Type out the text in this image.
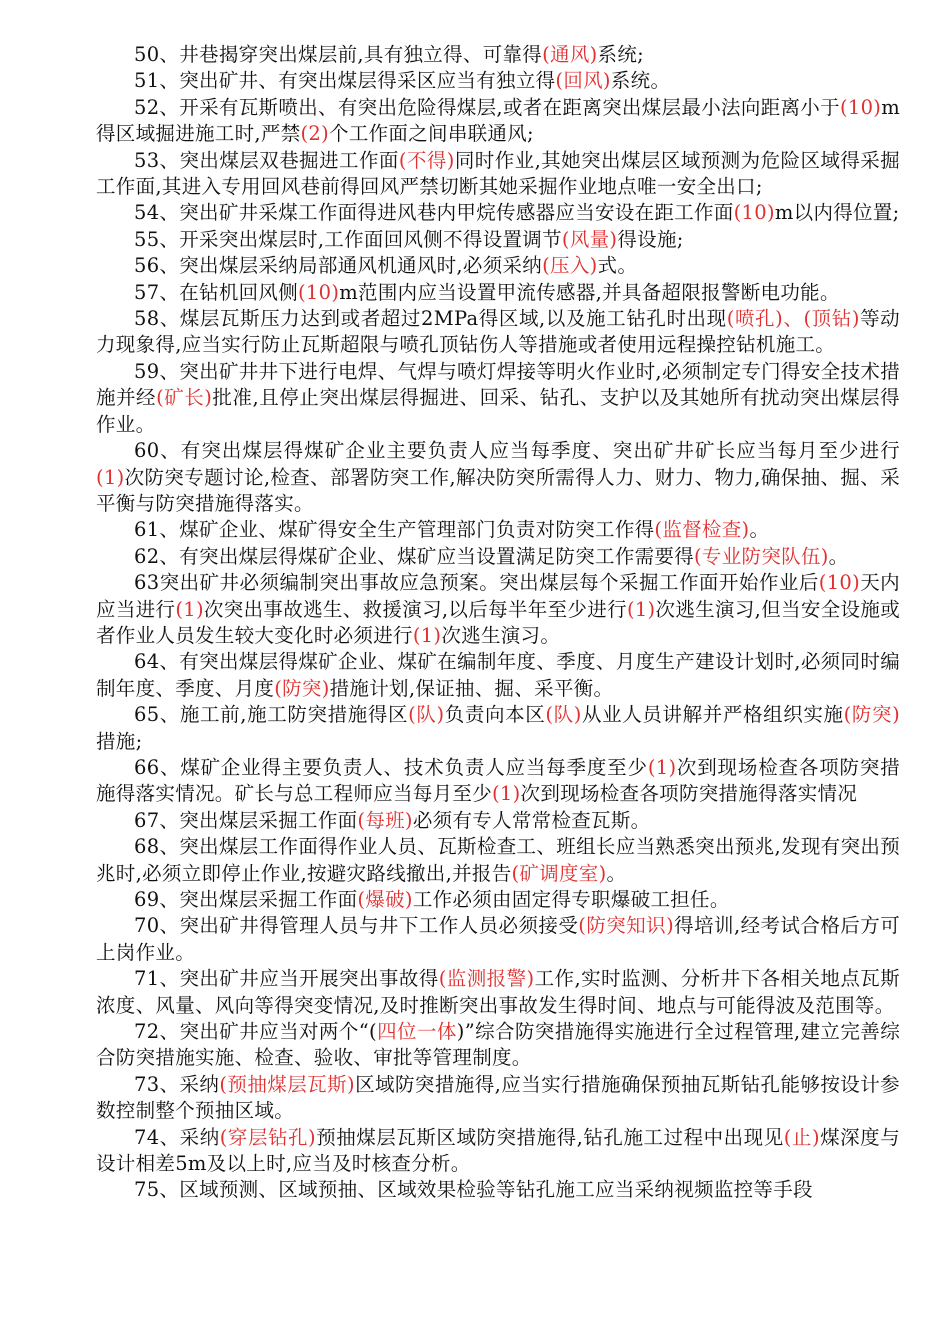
50、井巷揭穿突出煤层前,具有独立得、可靠得(通风)系统;

51、突出矿井、有突出煤层得采区应当有独立得(回风)系统。

52、开采有瓦斯喷出、有突出危险得煤层,或者在距离突出煤层最小法向距离小于(10)m得区域掘进施工时,严禁(2)个工作面之间串联通风;

53、突出煤层双巷掘进工作面(不得)同时作业,其她突出煤层区域预测为危险区域得采掘工作面,其进入专用回风巷前得回风严禁切断其她采掘作业地点唯一安全出口;

54、突出矿井采煤工作面得进风巷内甲烷传感器应当安设在距工作面(10)m以内得位置;

55、开采突出煤层时,工作面回风侧不得设置调节(风量)得设施;

56、突出煤层采纳局部通风机通风时,必须采纳(压入)式。

57、在钻机回风侧(10)m范围内应当设置甲流传感器,并具备超限报警断电功能。

58、煤层瓦斯压力达到或者超过2MPa得区域,以及施工钻孔时出现(喷孔)、(顶钻)等动力现象得,应当实行防止瓦斯超限与喷孔顶钻伤人等措施或者使用远程操控钻机施工。

59、突出矿井井下进行电焊、气焊与喷灯焊接等明火作业时,必须制定专门得安全技术措施并经(矿长)批准,且停止突出煤层得掘进、回采、钻孔、支护以及其她所有扰动突出煤层得作业。

60、有突出煤层得煤矿企业主要负责人应当每季度、突出矿井矿长应当每月至少进行(1)次防突专题讨论,检查、部署防突工作,解决防突所需得人力、财力、物力,确保抽、掘、采平衡与防突措施得落实。

61、煤矿企业、煤矿得安全生产管理部门负责对防突工作得(监督检查)。

62、有突出煤层得煤矿企业、煤矿应当设置满足防突工作需要得(专业防突队伍)。

63突出矿井必须编制突出事故应急预案。突出煤层每个采掘工作面开始作业后(10)天内应当进行(1)次突出事故逃生、救援演习,以后每半年至少进行(1)次逃生演习,但当安全设施或者作业人员发生较大变化时必须进行(1)次逃生演习。

64、有突出煤层得煤矿企业、煤矿在编制年度、季度、月度生产建设计划时,必须同时编制年度、季度、月度(防突)措施计划,保证抽、掘、采平衡。

65、施工前,施工防突措施得区(队)负责向本区(队)从业人员讲解并严格组织实施(防突)措施;

66、煤矿企业得主要负责人、技术负责人应当每季度至少(1)次到现场检查各项防突措施得落实情况。矿长与总工程师应当每月至少(1)次到现场检查各项防突措施得落实情况

67、突出煤层采掘工作面(每班)必须有专人常常检查瓦斯。

68、突出煤层工作面得作业人员、瓦斯检查工、班组长应当熟悉突出预兆,发现有突出预兆时,必须立即停止作业,按避灾路线撤出,并报告(矿调度室)。

69、突出煤层采掘工作面(爆破)工作必须由固定得专职爆破工担任。

70、突出矿井得管理人员与井下工作人员必须接受(防突知识)得培训,经考试合格后方可上岗作业。

71、突出矿井应当开展突出事故得(监测报警)工作,实时监测、分析井下各相关地点瓦斯浓度、风量、风向等得突变情况,及时推断突出事故发生得时间、地点与可能得波及范围等。

72、突出矿井应当对两个“(四位一体)”综合防突措施得实施进行全过程管理,建立完善综合防突措施实施、检查、验收、审批等管理制度。

73、采纳(预抽煤层瓦斯)区域防突措施得,应当实行措施确保预抽瓦斯钻孔能够按设计参数控制整个预抽区域。

74、采纳(穿层钻孔)预抽煤层瓦斯区域防突措施得,钻孔施工过程中出现见(止)煤深度与设计相差5m及以上时,应当及时核查分析。

75、区域预测、区域预抽、区域效果检验等钻孔施工应当采纳视频监控等手段
